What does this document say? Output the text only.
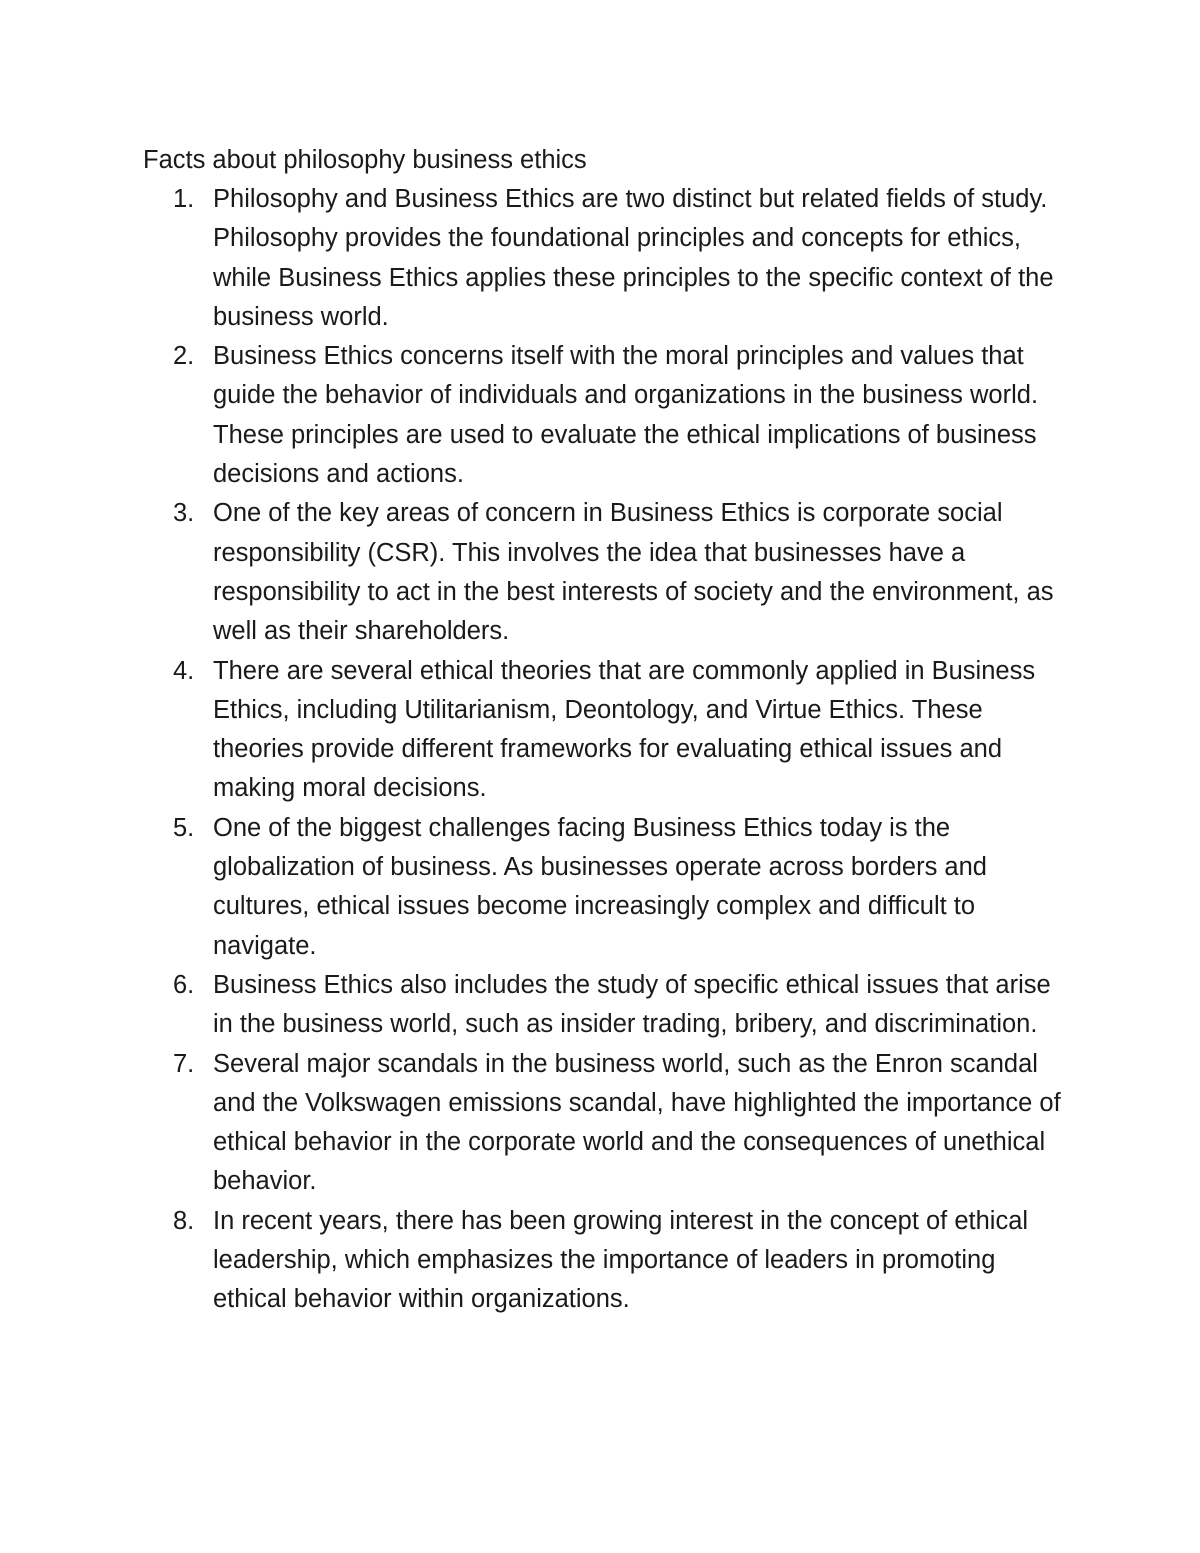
Facts about philosophy business ethics
1. Philosophy and Business Ethics are two distinct but related fields of study. Philosophy provides the foundational principles and concepts for ethics, while Business Ethics applies these principles to the specific context of the business world.
2. Business Ethics concerns itself with the moral principles and values that guide the behavior of individuals and organizations in the business world. These principles are used to evaluate the ethical implications of business decisions and actions.
3. One of the key areas of concern in Business Ethics is corporate social responsibility (CSR). This involves the idea that businesses have a responsibility to act in the best interests of society and the environment, as well as their shareholders.
4. There are several ethical theories that are commonly applied in Business Ethics, including Utilitarianism, Deontology, and Virtue Ethics. These theories provide different frameworks for evaluating ethical issues and making moral decisions.
5. One of the biggest challenges facing Business Ethics today is the globalization of business. As businesses operate across borders and cultures, ethical issues become increasingly complex and difficult to navigate.
6. Business Ethics also includes the study of specific ethical issues that arise in the business world, such as insider trading, bribery, and discrimination.
7. Several major scandals in the business world, such as the Enron scandal and the Volkswagen emissions scandal, have highlighted the importance of ethical behavior in the corporate world and the consequences of unethical behavior.
8. In recent years, there has been growing interest in the concept of ethical leadership, which emphasizes the importance of leaders in promoting ethical behavior within organizations.
